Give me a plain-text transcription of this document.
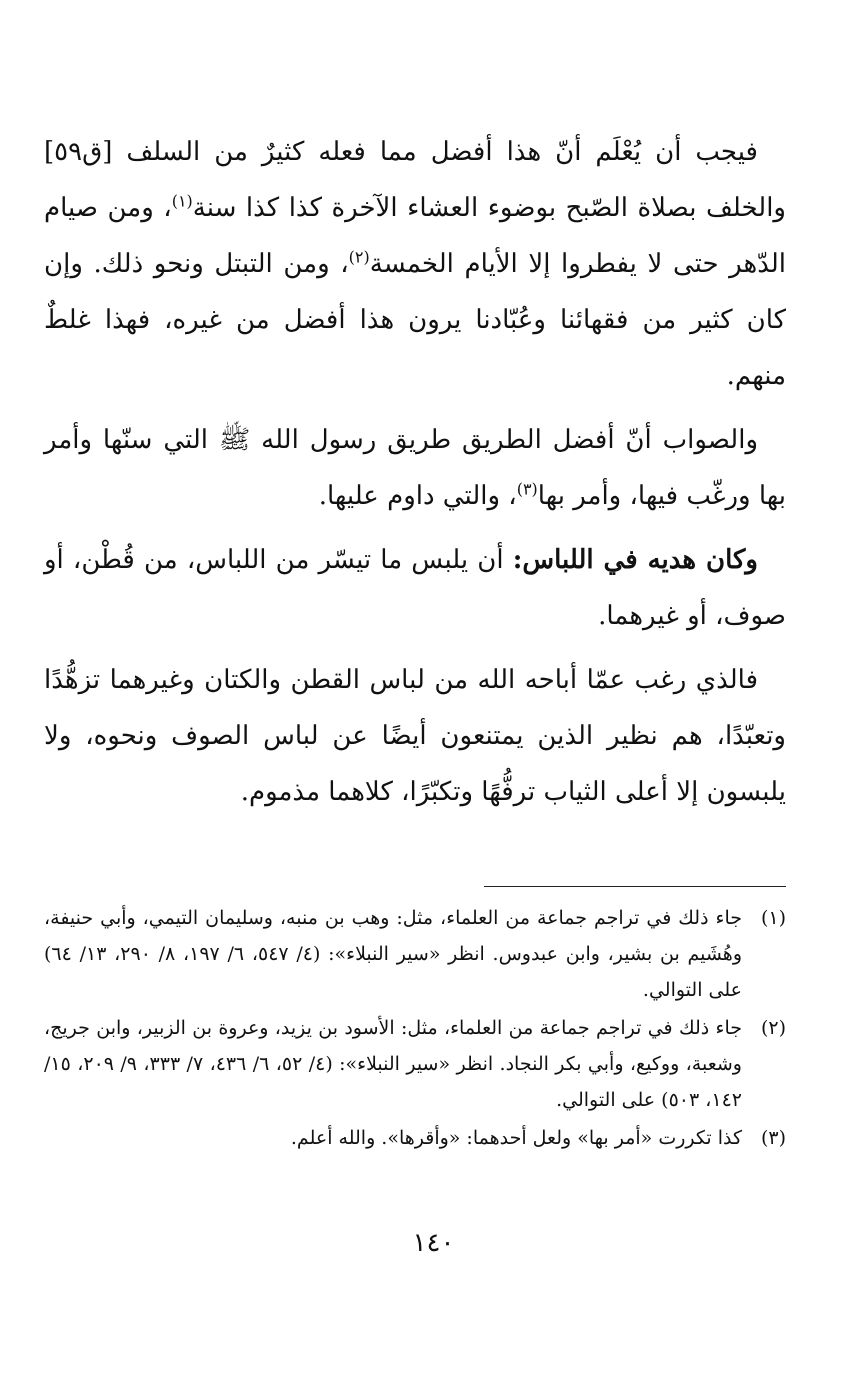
فيجب أن يُعْلَم أنّ هذا أفضل مما فعله كثيرٌ من السلف [ق٥٩] والخلف بصلاة الصّبح بوضوء العشاء الآخرة كذا كذا سنة$^{(١)}$، ومن صيام الدّهر حتى لا يفطروا إلا الأيام الخمسة$^{(٢)}$، ومن التبتل ونحو ذلك. وإن كان كثير من فقهائنا وعُبّادنا يرون هذا أفضل من غيره، فهذا غلطٌ منهم.

والصواب أنّ أفضل الطريق طريق رسول الله ﷺ التي سنّها وأمر بها ورغّب فيها، وأمر بها$^{(٣)}$، والتي داوم عليها.

وكان هديه في اللباس: أن يلبس ما تيسّر من اللباس، من قُطْن، أو صوف، أو غيرهما.

فالذي رغب عمّا أباحه الله من لباس القطن والكتان وغيرهما تزهُّدًا وتعبّدًا، هم نظير الذين يمتنعون أيضًا عن لباس الصوف ونحوه، ولا يلبسون إلا أعلى الثياب ترفُّهًا وتكبّرًا، كلاهما مذموم.

(١)
جاء ذلك في تراجم جماعة من العلماء، مثل: وهب بن منبه، وسليمان التيمي، وأبي حنيفة، وهُشَيم بن بشير، وابن عبدوس. انظر «سير النبلاء»: (٤/ ٥٤٧، ٦/ ١٩٧، ٨/ ٢٩٠، ١٣/ ٦٤) على التوالي.
(٢)
جاء ذلك في تراجم جماعة من العلماء، مثل: الأسود بن يزيد، وعروة بن الزبير، وابن جريج، وشعبة، ووكيع، وأبي بكر النجاد. انظر «سير النبلاء»: (٤/ ٥٢، ٦/ ٤٣٦، ٧/ ٣٣٣، ٩/ ٢٠٩، ١٥/ ١٤٢، ٥٠٣) على التوالي.
(٣)
كذا تكررت «أمر بها» ولعل أحدهما: «وأقرها». والله أعلم.
١٤٠
